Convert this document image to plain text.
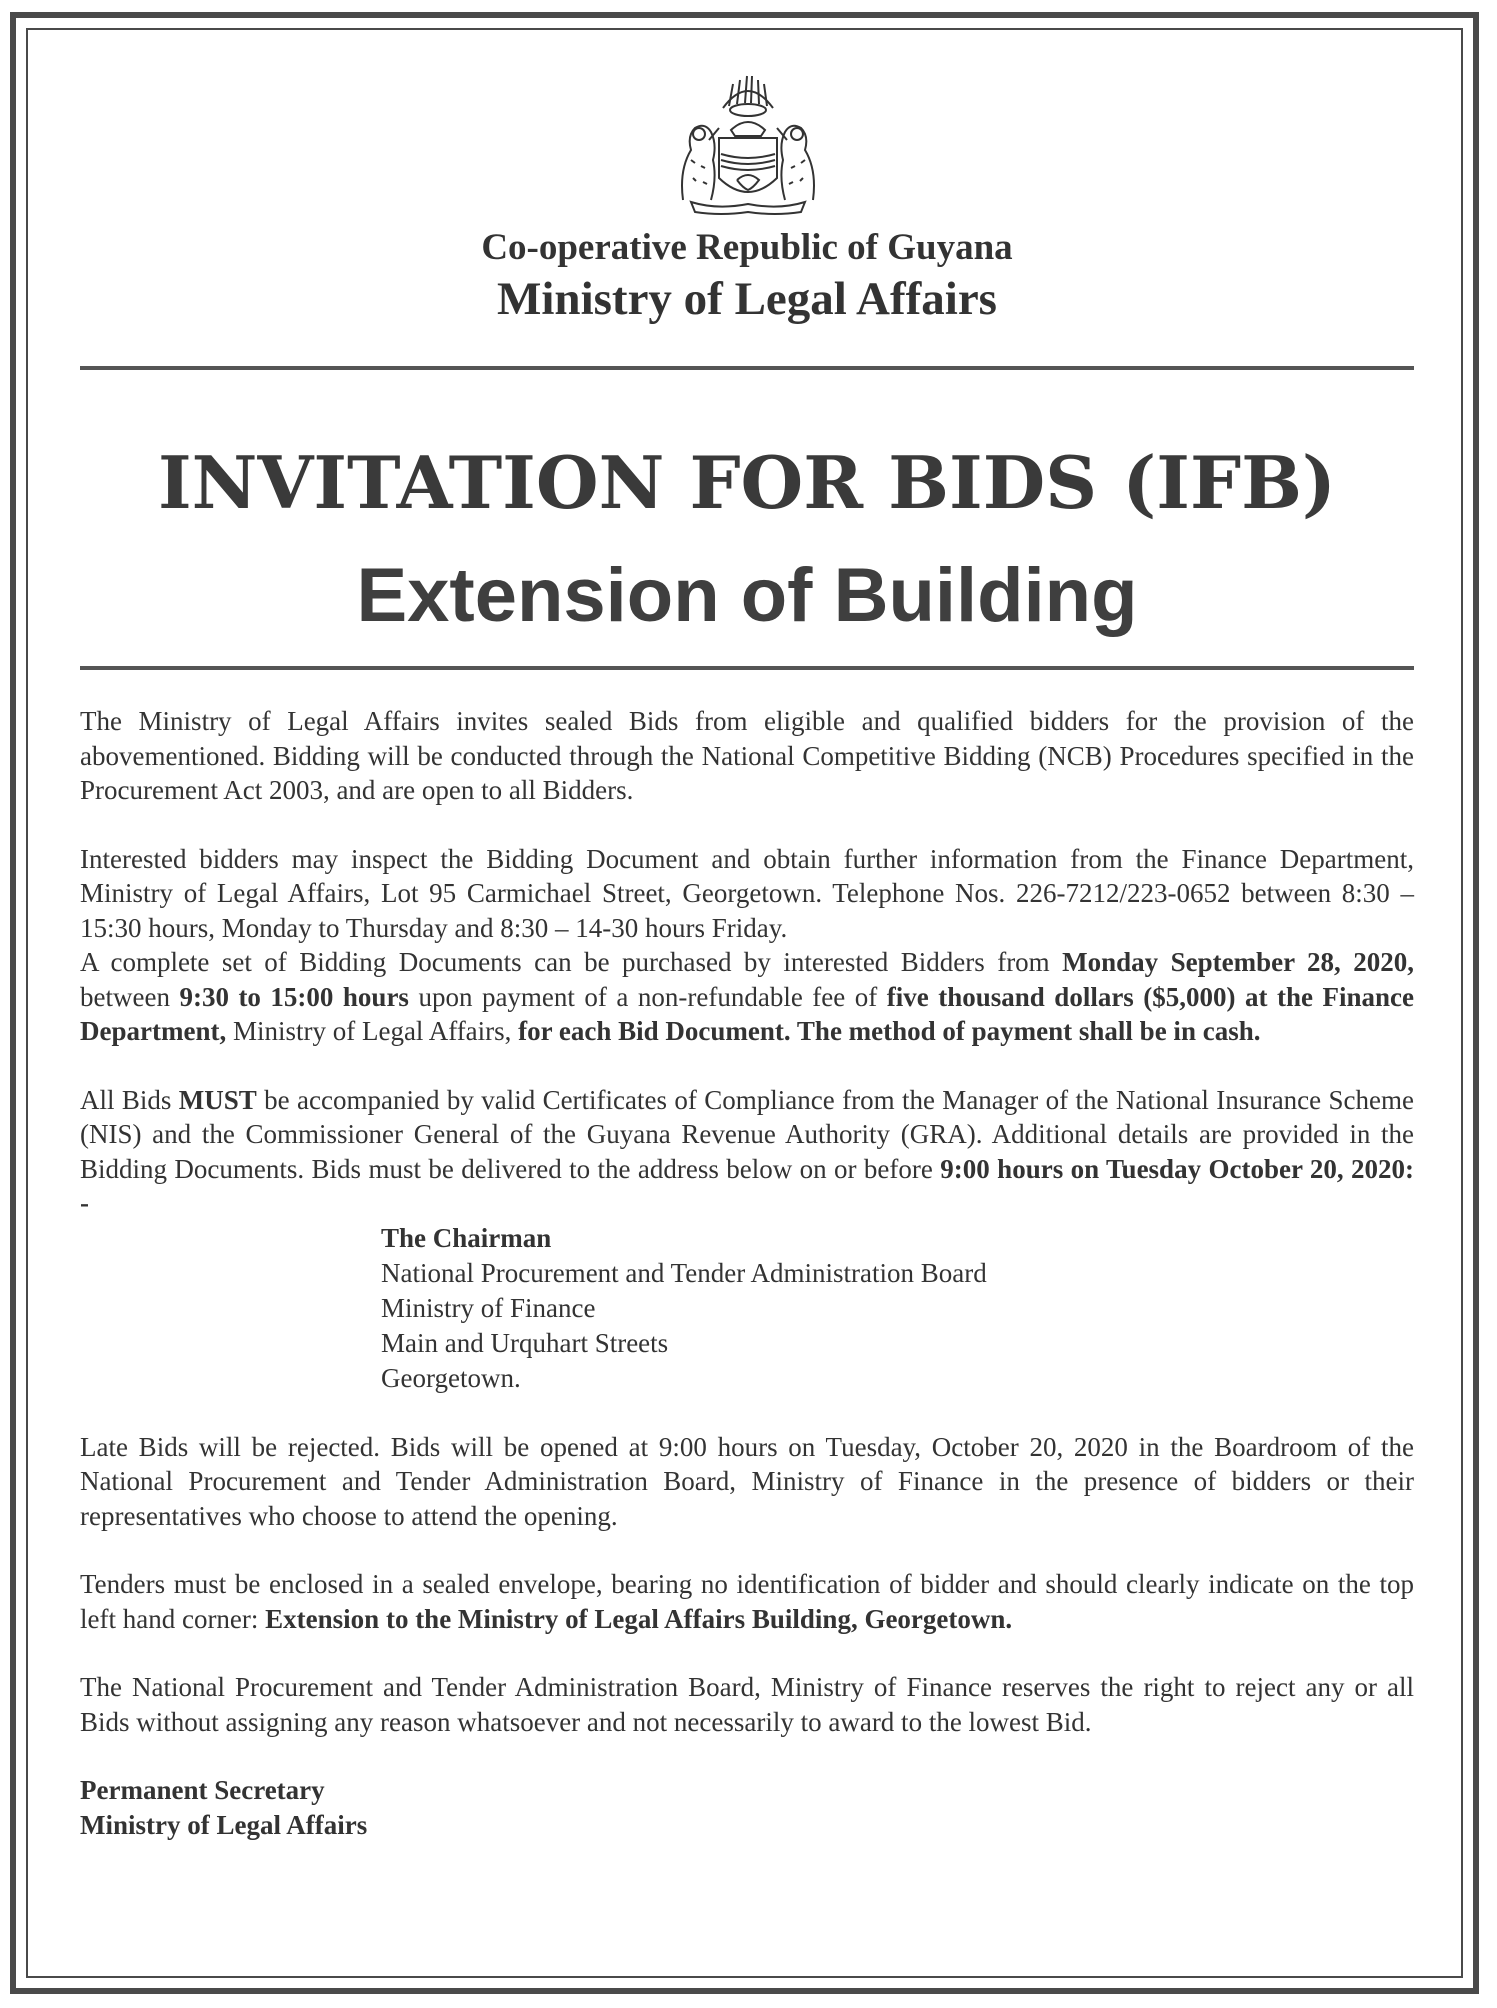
Co-operative Republic of Guyana
Ministry of Legal Affairs
INVITATION FOR BIDS (IFB)
Extension of Building

The Ministry of Legal Affairs invites sealed Bids from eligible and qualified bidders for the provision of the abovementioned. Bidding will be conducted through the National Competitive Bidding (NCB) Procedures specified in the Procurement Act 2003, and are open to all Bidders.

Interested bidders may inspect the Bidding Document and obtain further information from the Finance Department, Ministry of Legal Affairs, Lot 95 Carmichael Street, Georgetown. Telephone Nos. 226-7212/223-0652 between 8:30 – 15:30 hours, Monday to Thursday and 8:30 – 14-30 hours Friday.

A complete set of Bidding Documents can be purchased by interested Bidders from Monday September 28, 2020, between 9:30 to 15:00 hours upon payment of a non-refundable fee of five thousand dollars ($5,000) at the Finance Department, Ministry of Legal Affairs, for each Bid Document. The method of payment shall be in cash.

All Bids MUST be accompanied by valid Certificates of Compliance from the Manager of the National Insurance Scheme (NIS) and the Commissioner General of the Guyana Revenue Authority (GRA). Additional details are provided in the Bidding Documents. Bids must be delivered to the address below on or before 9:00 hours on Tuesday October 20, 2020: -

The Chairman
National Procurement and Tender Administration Board
Ministry of Finance
Main and Urquhart Streets
Georgetown.

Late Bids will be rejected. Bids will be opened at 9:00 hours on Tuesday, October 20, 2020 in the Boardroom of the National Procurement and Tender Administration Board, Ministry of Finance in the presence of bidders or their representatives who choose to attend the opening.

Tenders must be enclosed in a sealed envelope, bearing no identification of bidder and should clearly indicate on the top left hand corner: Extension to the Ministry of Legal Affairs Building, Georgetown.

The National Procurement and Tender Administration Board, Ministry of Finance reserves the right to reject any or all Bids without assigning any reason whatsoever and not necessarily to award to the lowest Bid.

Permanent Secretary
Ministry of Legal Affairs
